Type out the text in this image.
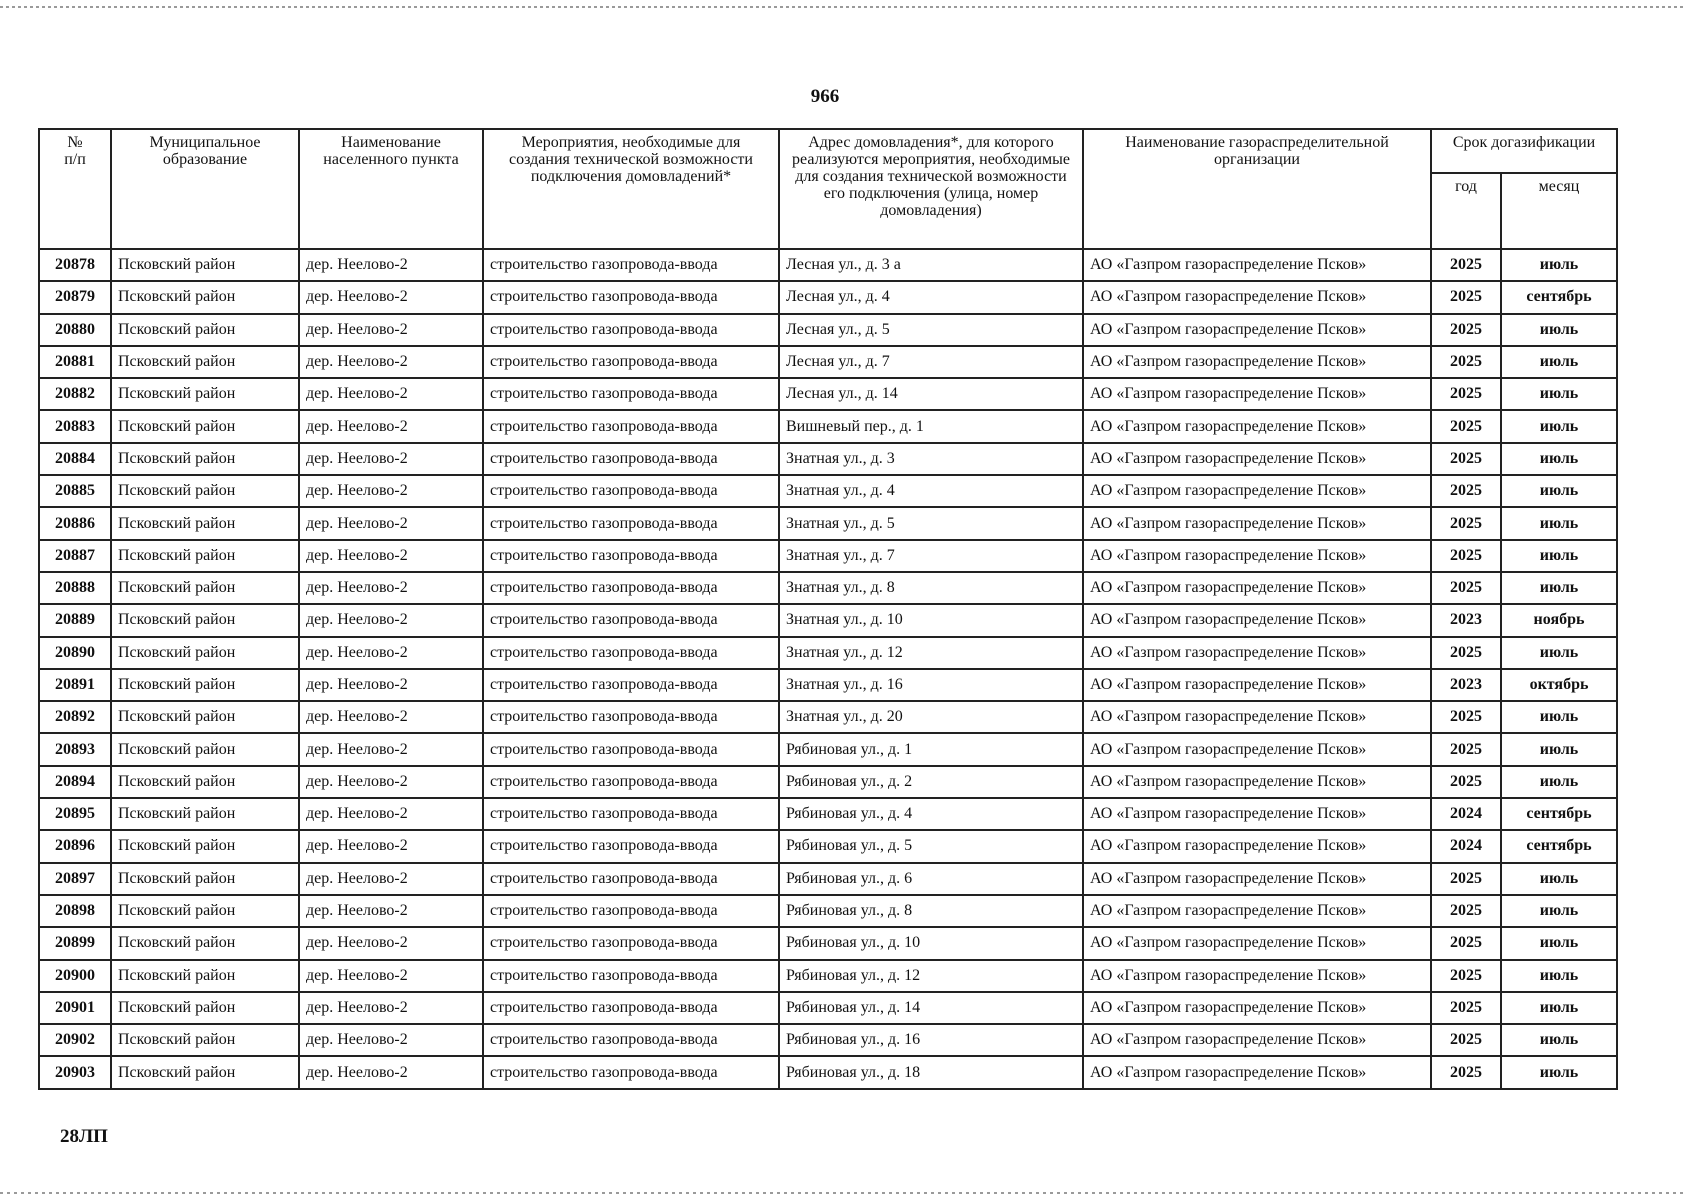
966
№
п/п	Муниципальное образование	Наименование населенного пункта	Мероприятия, необходимые для создания технической возможности подключения домовладений*	Адрес домовладения*, для которого реализуются мероприятия, необходимые для создания технической возможности его подключения (улица, номер домовладения)	Наименование газораспределительной организации	Срок догазификации	
						год	месяц
20878	Псковский район	дер. Неелово-2	строительство газопровода-ввода	Лесная ул., д. 3 а	АО «Газпром газораспределение Псков»	2025	июль
20879	Псковский район	дер. Неелово-2	строительство газопровода-ввода	Лесная ул., д. 4	АО «Газпром газораспределение Псков»	2025	сентябрь
20880	Псковский район	дер. Неелово-2	строительство газопровода-ввода	Лесная ул., д. 5	АО «Газпром газораспределение Псков»	2025	июль
20881	Псковский район	дер. Неелово-2	строительство газопровода-ввода	Лесная ул., д. 7	АО «Газпром газораспределение Псков»	2025	июль
20882	Псковский район	дер. Неелово-2	строительство газопровода-ввода	Лесная ул., д. 14	АО «Газпром газораспределение Псков»	2025	июль
20883	Псковский район	дер. Неелово-2	строительство газопровода-ввода	Вишневый пер., д. 1	АО «Газпром газораспределение Псков»	2025	июль
20884	Псковский район	дер. Неелово-2	строительство газопровода-ввода	Знатная ул., д. 3	АО «Газпром газораспределение Псков»	2025	июль
20885	Псковский район	дер. Неелово-2	строительство газопровода-ввода	Знатная ул., д. 4	АО «Газпром газораспределение Псков»	2025	июль
20886	Псковский район	дер. Неелово-2	строительство газопровода-ввода	Знатная ул., д. 5	АО «Газпром газораспределение Псков»	2025	июль
20887	Псковский район	дер. Неелово-2	строительство газопровода-ввода	Знатная ул., д. 7	АО «Газпром газораспределение Псков»	2025	июль
20888	Псковский район	дер. Неелово-2	строительство газопровода-ввода	Знатная ул., д. 8	АО «Газпром газораспределение Псков»	2025	июль
20889	Псковский район	дер. Неелово-2	строительство газопровода-ввода	Знатная ул., д. 10	АО «Газпром газораспределение Псков»	2023	ноябрь
20890	Псковский район	дер. Неелово-2	строительство газопровода-ввода	Знатная ул., д. 12	АО «Газпром газораспределение Псков»	2025	июль
20891	Псковский район	дер. Неелово-2	строительство газопровода-ввода	Знатная ул., д. 16	АО «Газпром газораспределение Псков»	2023	октябрь
20892	Псковский район	дер. Неелово-2	строительство газопровода-ввода	Знатная ул., д. 20	АО «Газпром газораспределение Псков»	2025	июль
20893	Псковский район	дер. Неелово-2	строительство газопровода-ввода	Рябиновая ул., д. 1	АО «Газпром газораспределение Псков»	2025	июль
20894	Псковский район	дер. Неелово-2	строительство газопровода-ввода	Рябиновая ул., д. 2	АО «Газпром газораспределение Псков»	2025	июль
20895	Псковский район	дер. Неелово-2	строительство газопровода-ввода	Рябиновая ул., д. 4	АО «Газпром газораспределение Псков»	2024	сентябрь
20896	Псковский район	дер. Неелово-2	строительство газопровода-ввода	Рябиновая ул., д. 5	АО «Газпром газораспределение Псков»	2024	сентябрь
20897	Псковский район	дер. Неелово-2	строительство газопровода-ввода	Рябиновая ул., д. 6	АО «Газпром газораспределение Псков»	2025	июль
20898	Псковский район	дер. Неелово-2	строительство газопровода-ввода	Рябиновая ул., д. 8	АО «Газпром газораспределение Псков»	2025	июль
20899	Псковский район	дер. Неелово-2	строительство газопровода-ввода	Рябиновая ул., д. 10	АО «Газпром газораспределение Псков»	2025	июль
20900	Псковский район	дер. Неелово-2	строительство газопровода-ввода	Рябиновая ул., д. 12	АО «Газпром газораспределение Псков»	2025	июль
20901	Псковский район	дер. Неелово-2	строительство газопровода-ввода	Рябиновая ул., д. 14	АО «Газпром газораспределение Псков»	2025	июль
20902	Псковский район	дер. Неелово-2	строительство газопровода-ввода	Рябиновая ул., д. 16	АО «Газпром газораспределение Псков»	2025	июль
20903	Псковский район	дер. Неелово-2	строительство газопровода-ввода	Рябиновая ул., д. 18	АО «Газпром газораспределение Псков»	2025	июль
28ЛП
